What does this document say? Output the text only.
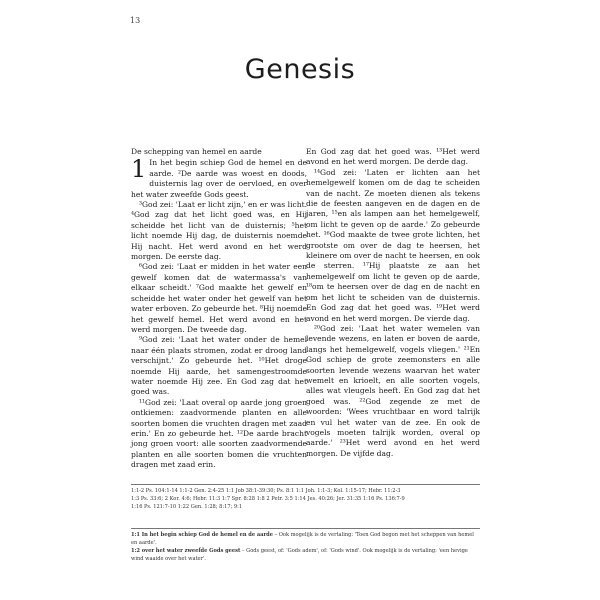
13
Genesis
De schepping van hemel en aarde

1 In het begin schiep God de hemel en de aarde. ²De aarde was woest en doods, duisternis lag over de oervloed, en over het water zweefde Gods geest.

³God zei: 'Laat er licht zijn,' en er was licht. ⁴God zag dat het licht goed was, en Hij scheidde het licht van de duisternis; ⁵het licht noemde Hij dag, de duisternis noemde Hij nacht. Het werd avond en het werd morgen. De eerste dag.

⁶God zei: 'Laat er midden in het water een gewelf komen dat de watermassa's van elkaar scheidt.' ⁷God maakte het gewelf en scheidde het water onder het gewelf van het water erboven. Zo gebeurde het. ⁸Hij noemde het gewelf hemel. Het werd avond en het werd morgen. De tweede dag.

⁹God zei: 'Laat het water onder de hemel naar één plaats stromen, zodat er droog land verschijnt.' Zo gebeurde het. ¹⁰Het droge noemde Hij aarde, het samengestroomde water noemde Hij zee. En God zag dat het goed was.

¹¹God zei: 'Laat overal op aarde jong groen ontkiemen: zaadvormende planten en alle soorten bomen die vruchten dragen met zaad erin.' En zo gebeurde het. ¹²De aarde bracht jong groen voort: alle soorten zaadvormende planten en alle soorten bomen die vruchten dragen met zaad erin.

En God zag dat het goed was. ¹³Het werd avond en het werd morgen. De derde dag.

¹⁴God zei: 'Laten er lichten aan het hemelgewelf komen om de dag te scheiden van de nacht. Ze moeten dienen als tekens die de feesten aangeven en de dagen en de jaren, ¹⁵en als lampen aan het hemelgewelf, om licht te geven op de aarde.' Zo gebeurde het. ¹⁶God maakte de twee grote lichten, het grootste om over de dag te heersen, het kleinere om over de nacht te heersen, en ook de sterren. ¹⁷Hij plaatste ze aan het hemelgewelf om licht te geven op de aarde, ¹⁸om te heersen over de dag en de nacht en om het licht te scheiden van de duisternis. En God zag dat het goed was. ¹⁹Het werd avond en het werd morgen. De vierde dag.

²⁰God zei: 'Laat het water wemelen van levende wezens, en laten er boven de aarde, langs het hemelgewelf, vogels vliegen.' ²¹En God schiep de grote zeemonsters en alle soorten levende wezens waarvan het water wemelt en krioelt, en alle soorten vogels, alles wat vleugels heeft. En God zag dat het goed was. ²²God zegende ze met de woorden: 'Wees vruchtbaar en word talrijk en vul het water van de zee. En ook de vogels moeten talrijk worden, overal op aarde.' ²³Het werd avond en het werd morgen. De vijfde dag.

1:1-2 Ps. 104:1-14 1:1-2 Gen. 2:4-25 1:1 Job 38:1-39:30; Ps. 8:1 1:1 Joh. 1:1-3; Kol. 1:15-17; Hebr. 11:2-3
1:3 Ps. 33:6; 2 Kor. 4:6; Hebr. 11:3 1:7 Spr. 8:28 1:8 2 Petr. 3:5 1:14 Jes. 40:26; Jer. 31:35 1:16 Ps. 136:7-9
1:16 Ps. 121:7-10 1:22 Gen. 1:28; 8:17; 9:1
1:1 In het begin schiep God de hemel en de aarde – Ook mogelijk is de vertaling: 'Toen God begon met het scheppen van hemel en aarde'.
1:2 over het water zweefde Gods geest – Gods geest, of: 'Gods adem', of: 'Gods wind'. Ook mogelijk is de vertaling: 'een hevige wind waaide over het water'.
